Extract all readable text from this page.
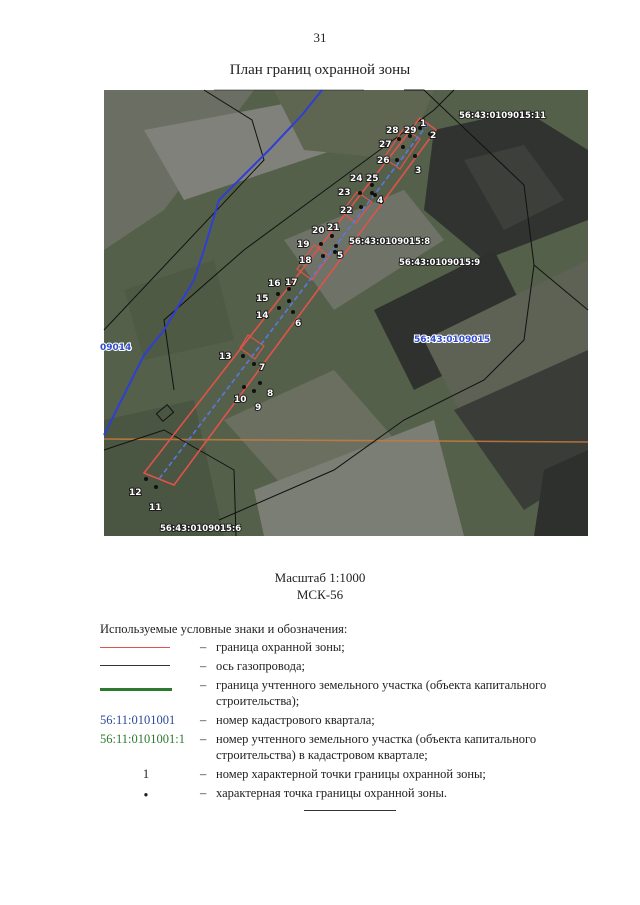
31
План границ охранной зоны
1
2
3
4
5
6
7
8
9
10
11
12
13
14
15
16 17
18
19
20 21
22
23
24 25
26
27
28 29
56:43:0109015:11
56:43:0109015:8
56:43:0109015:9
56:43:0109015:6
56:43:0109015
09014
Масштаб 1:1000
МСК-56
Используемые условные знаки и обозначения:
– граница охранной зоны;
– ось газопровода;
– граница учтенного земельного участка (объекта капитального строительства);
56:11:0101001	– номер кадастрового квартала;
56:11:0101001:1	– номер учтенного земельного участка (объекта капитального строительства) в кадастровом квартале;
1	– номер характерной точки границы охранной зоны;
•	– характерная точка границы охранной зоны.
